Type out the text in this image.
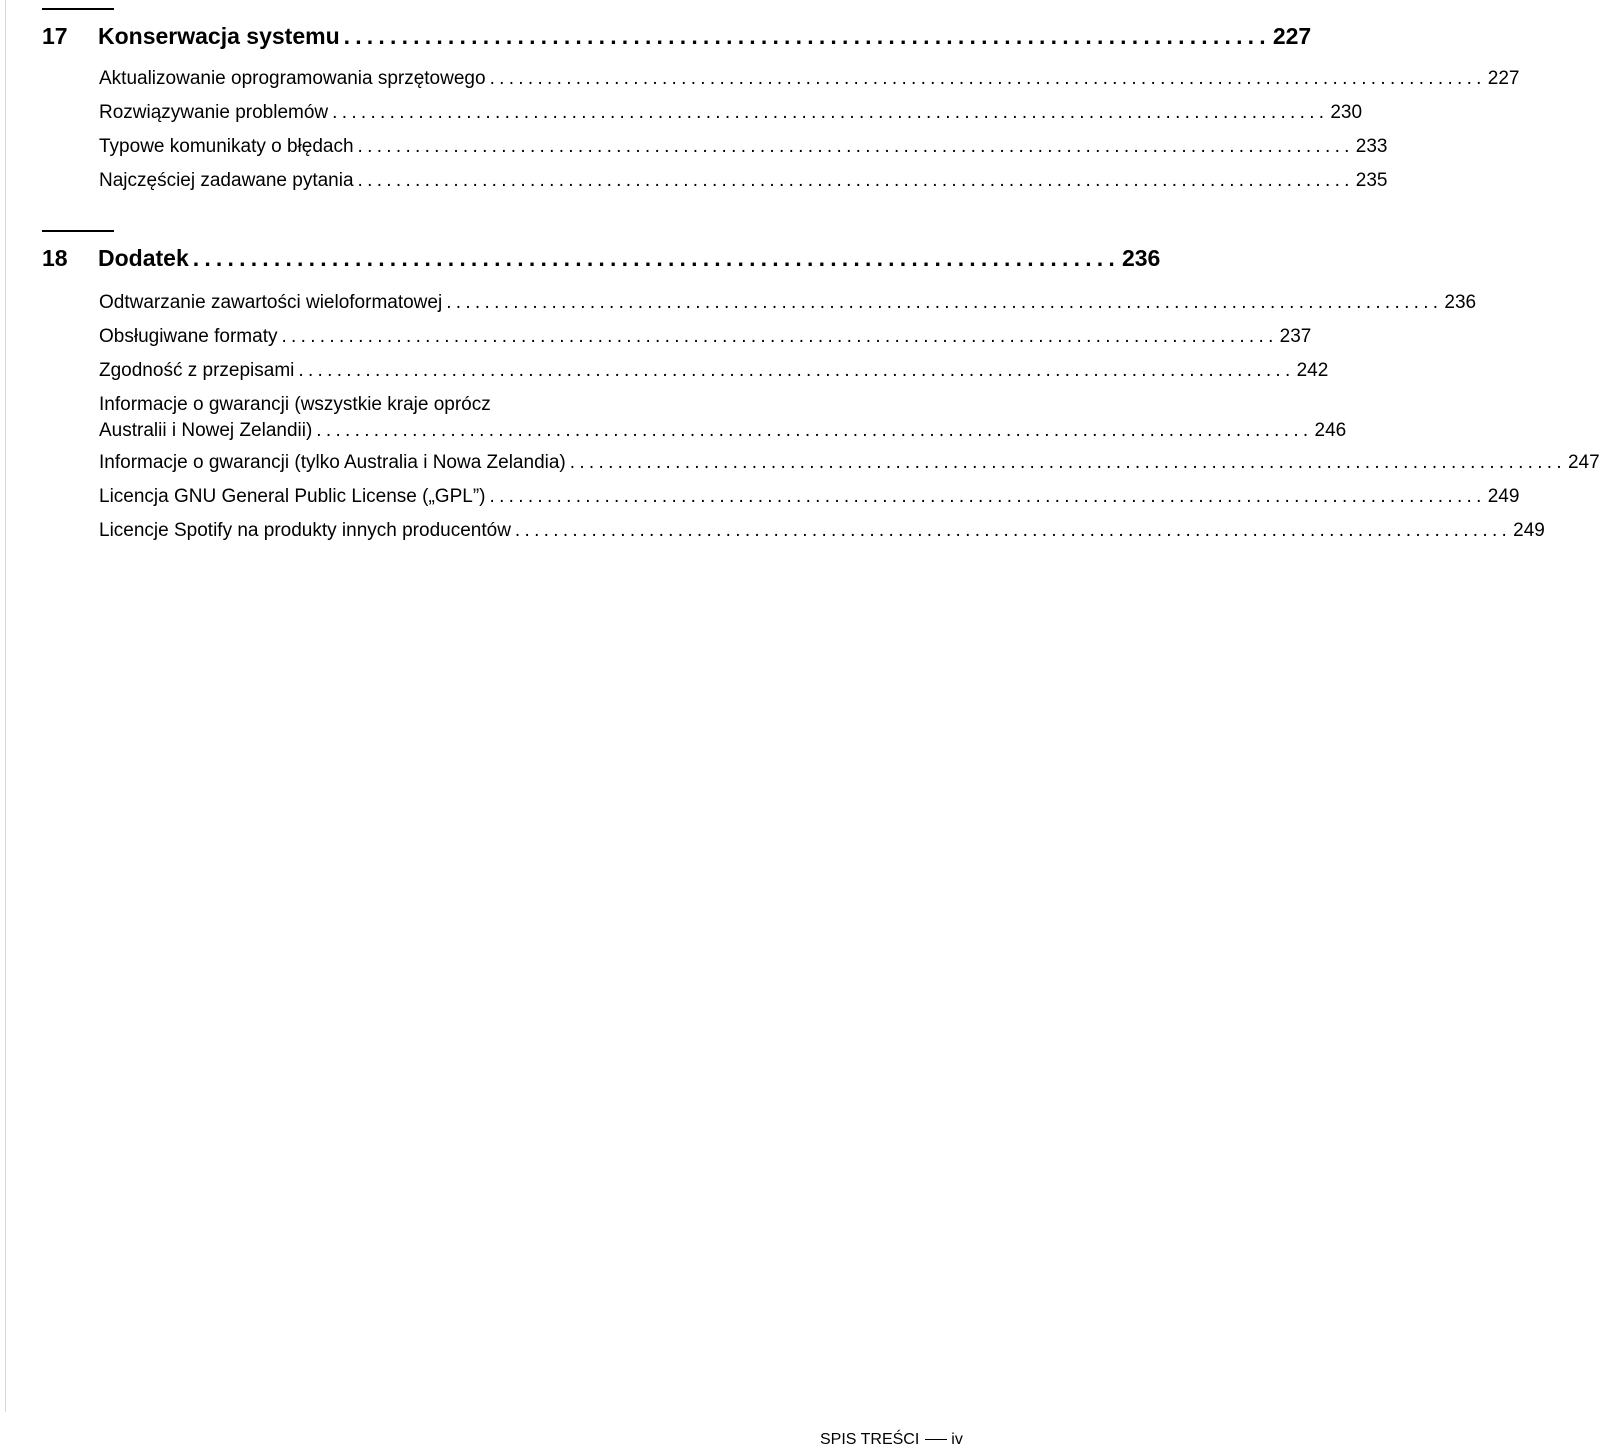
17	Konserwacja systemu ................................................................................ 227
Aktualizowanie oprogramowania sprzętowego ........................................................................................................ 227
Rozwiązywanie problemów ........................................................................................................ 230
Typowe komunikaty o błędach ........................................................................................................ 233
Najczęściej zadawane pytania ........................................................................................................ 235
18	Dodatek ................................................................................ 236
Odtwarzanie zawartości wieloformatowej ........................................................................................................ 236
Obsługiwane formaty ........................................................................................................ 237
Zgodność z przepisami ........................................................................................................ 242
Informacje o gwarancji (wszystkie kraje oprócz
Australii i Nowej Zelandii) ........................................................................................................ 246
Informacje o gwarancji (tylko Australia i Nowa Zelandia) ........................................................................................................ 247
Licencja GNU General Public License („GPL”) ........................................................................................................ 249
Licencje Spotify na produkty innych producentów ........................................................................................................ 249
SPIS TREŚCI iv
